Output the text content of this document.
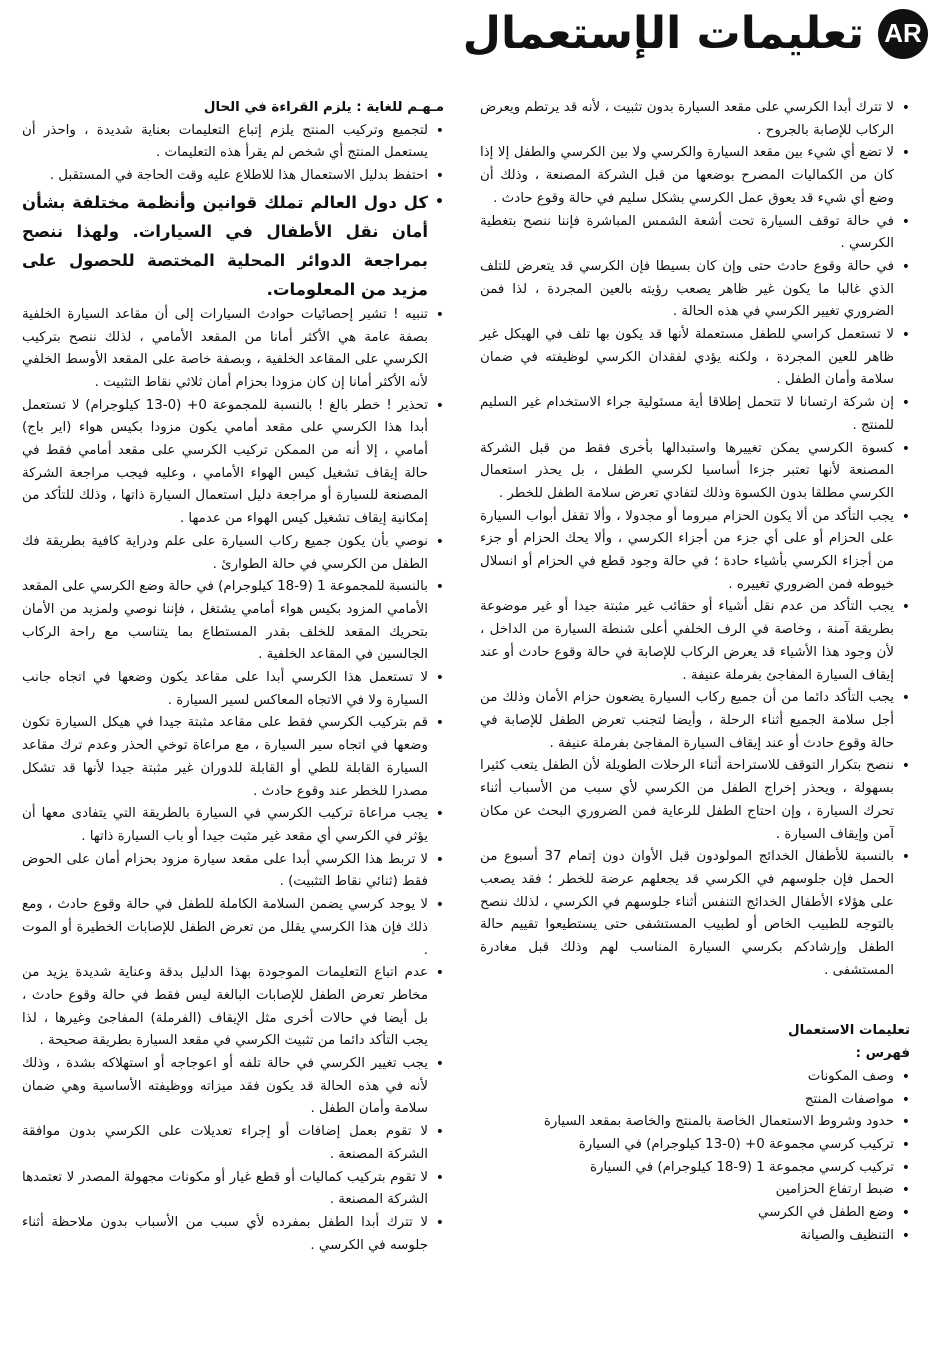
AR
تعليمات الإستعمال
• لا تترك أبدا الكرسي على مقعد السيارة بدون تثبيت ، لأنه قد يرتطم ويعرض الركاب للإصابة بالجروح .
• لا تضع أي شيء بين مقعد السيارة والكرسي ولا بين الكرسي والطفل إلا إذا كان من الكماليات المصرح بوضعها من قبل الشركة المصنعة ، وذلك أن وضع أي شيء قد يعوق عمل الكرسي بشكل سليم في حالة وقوع حادث .
• في حالة توقف السيارة تحت أشعة الشمس المباشرة فإننا ننصح بتغطية الكرسي .
• في حالة وقوع حادث حتى وإن كان بسيطا فإن الكرسي قد يتعرض للتلف الذي غالبا ما يكون غير ظاهر يصعب رؤيته بالعين المجردة ، لذا فمن الضروري تغيير الكرسي في هذه الحالة .
• لا تستعمل كراسي للطفل مستعملة لأنها قد يكون بها تلف في الهيكل غير ظاهر للعين المجردة ، ولكنه يؤدي لفقدان الكرسي لوظيفته في ضمان سلامة وأمان الطفل .
• إن شركة ارتسانا لا تتحمل إطلاقا أية مسئولية جراء الاستخدام غير السليم للمنتج .
• كسوة الكرسي يمكن تغييرها واستبدالها بأخرى فقط من قبل الشركة المصنعة لأنها تعتبر جزءا أساسيا لكرسي الطفل ، بل يحذر استعمال الكرسي مطلقا بدون الكسوة وذلك لتفادي تعرض سلامة الطفل للخطر .
• يجب التأكد من ألا يكون الحزام مبروما أو مجدولا ، وألا تقفل أبواب السيارة على الحزام أو على أي جزء من أجزاء الكرسي ، وألا يحك الحزام أو جزء من أجزاء الكرسي بأشياء حادة ؛ في حالة وجود قطع في الحزام أو انسلال خيوطه فمن الضروري تغييره .
• يجب التأكد من عدم نقل أشياء أو حقائب غير مثبتة جيدا أو غير موضوعة بطريقة آمنة ، وخاصة في الرف الخلفي أعلى شنطة السيارة من الداخل ، لأن وجود هذا الأشياء قد يعرض الركاب للإصابة في حالة وقوع حادث أو عند إيقاف السيارة المفاجئ بفرملة عنيفة .
• يجب التأكد دائما من أن جميع ركاب السيارة يضعون حزام الأمان وذلك من أجل سلامة الجميع أثناء الرحلة ، وأيضا لتجنب تعرض الطفل للإصابة في حالة وقوع حادث أو عند إيقاف السيارة المفاجئ بفرملة عنيفة .
• ننصح بتكرار التوقف للاستراحة أثناء الرحلات الطويلة لأن الطفل يتعب كثيرا بسهولة ، ويحذر إخراج الطفل من الكرسي لأي سبب من الأسباب أثناء تحرك السيارة ، وإن احتاج الطفل للرعاية فمن الضروري البحث عن مكان آمن وإيقاف السيارة .
• بالنسبة للأطفال الخدائج المولودون قبل الأوان دون إتمام 37 أسبوع من الحمل فإن جلوسهم في الكرسي قد يجعلهم عرضة للخطر ؛ فقد يصعب على هؤلاء الأطفال الخدائج التنفس أثناء جلوسهم في الكرسي ، لذلك ننصح بالتوجه للطبيب الخاص أو لطبيب المستشفى حتى يستطيعوا تقييم حالة الطفل وإرشادكم بكرسي السيارة المناسب لهم وذلك قبل مغادرة المستشفى .
تعليمات الاستعمال
فهرس :
• وصف المكونات
• مواصفات المنتج
• حدود وشروط الاستعمال الخاصة بالمنتج والخاصة بمقعد السيارة
• تركيب كرسي مجموعة 0+ (0-13 كيلوجرام) في السيارة
• تركيب كرسي مجموعة 1 (9-18 كيلوجرام) في السيارة
• ضبط ارتفاع الحزامين
• وضع الطفل في الكرسي
• التنظيف والصيانة

مـهـم للغاية : يلزم القراءة في الحال

• لتجميع وتركيب المنتج يلزم إتباع التعليمات بعناية شديدة ، واحذر أن يستعمل المنتج أي شخص لم يقرأ هذه التعليمات .
• احتفظ بدليل الاستعمال هذا للاطلاع عليه وقت الحاجة في المستقبل .
• كل دول العالم تملك قوانين وأنظمة مختلفة بشأن أمان نقل الأطفال في السيارات. ولهذا ننصح بمراجعة الدوائر المحلية المختصة للحصول على مزيد من المعلومات.
• تنبيه ! تشير إحصائيات حوادث السيارات إلى أن مقاعد السيارة الخلفية بصفة عامة هي الأكثر أمانا من المقعد الأمامي ، لذلك ننصح بتركيب الكرسي على المقاعد الخلفية ، وبصفة خاصة على المقعد الأوسط الخلفي لأنه الأكثر أمانا إن كان مزودا بحزام أمان ثلاثي نقاط التثبيت .
• تحذير ! خطر بالغ ! بالنسبة للمجموعة 0+ (0-13 كيلوجرام) لا تستعمل أبدا هذا الكرسي على مقعد أمامي يكون مزودا بكيس هواء (اير باج) أمامي ، إلا أنه من الممكن تركيب الكرسي على مقعد أمامي فقط في حالة إيقاف تشغيل كيس الهواء الأمامي ، وعليه فيجب مراجعة الشركة المصنعة للسيارة أو مراجعة دليل استعمال السيارة ذاتها ، وذلك للتأكد من إمكانية إيقاف تشغيل كيس الهواء من عدمها .
• نوصي بأن يكون جميع ركاب السيارة على علم ودراية كافية بطريقة فك الطفل من الكرسي في حالة الطوارئ .
• بالنسبة للمجموعة 1 (9-18 كيلوجرام) في حالة وضع الكرسي على المقعد الأمامي المزود بكيس هواء أمامي يشتغل ، فإننا نوصي ولمزيد من الأمان بتحريك المقعد للخلف بقدر المستطاع بما يتناسب مع راحة الركاب الجالسين في المقاعد الخلفية .
• لا تستعمل هذا الكرسي أبدا على مقاعد يكون وضعها في اتجاه جانب السيارة ولا في الاتجاه المعاكس لسير السيارة .
• قم بتركيب الكرسي فقط على مقاعد مثبتة جيدا في هيكل السيارة تكون وضعها في اتجاه سير السيارة ، مع مراعاة توخي الحذر وعدم ترك مقاعد السيارة القابلة للطي أو القابلة للدوران غير مثبتة جيدا لأنها قد تشكل مصدرا للخطر عند وقوع حادث .
• يجب مراعاة تركيب الكرسي في السيارة بالطريقة التي يتفادى معها أن يؤثر في الكرسي أي مقعد غير مثبت جيدا أو باب السيارة ذاتها .
• لا تربط هذا الكرسي أبدا على مقعد سيارة مزود بحزام أمان على الحوض فقط (ثنائي نقاط التثبيت) .
• لا يوجد كرسي يضمن السلامة الكاملة للطفل في حالة وقوع حادث ، ومع ذلك فإن هذا الكرسي يقلل من تعرض الطفل للإصابات الخطيرة أو الموت .
• عدم اتباع التعليمات الموجودة بهذا الدليل بدقة وعناية شديدة يزيد من مخاطر تعرض الطفل للإصابات البالغة ليس فقط في حالة وقوع حادث ، بل أيضا في حالات أخرى مثل الإيقاف (الفرملة) المفاجئ وغيرها ، لذا يجب التأكد دائما من تثبيت الكرسي في مقعد السيارة بطريقة صحيحة .
• يجب تغيير الكرسي في حالة تلفه أو اعوجاجه أو استهلاكه بشدة ، وذلك لأنه في هذه الحالة قد يكون فقد ميزاته ووظيفته الأساسية وهي ضمان سلامة وأمان الطفل .
• لا تقوم بعمل إضافات أو إجراء تعديلات على الكرسي بدون موافقة الشركة المصنعة .
• لا تقوم بتركيب كماليات أو قطع غيار أو مكونات مجهولة المصدر لا تعتمدها الشركة المصنعة .
• لا تترك أبدا الطفل بمفرده لأي سبب من الأسباب بدون ملاحظة أثناء جلوسه في الكرسي .
